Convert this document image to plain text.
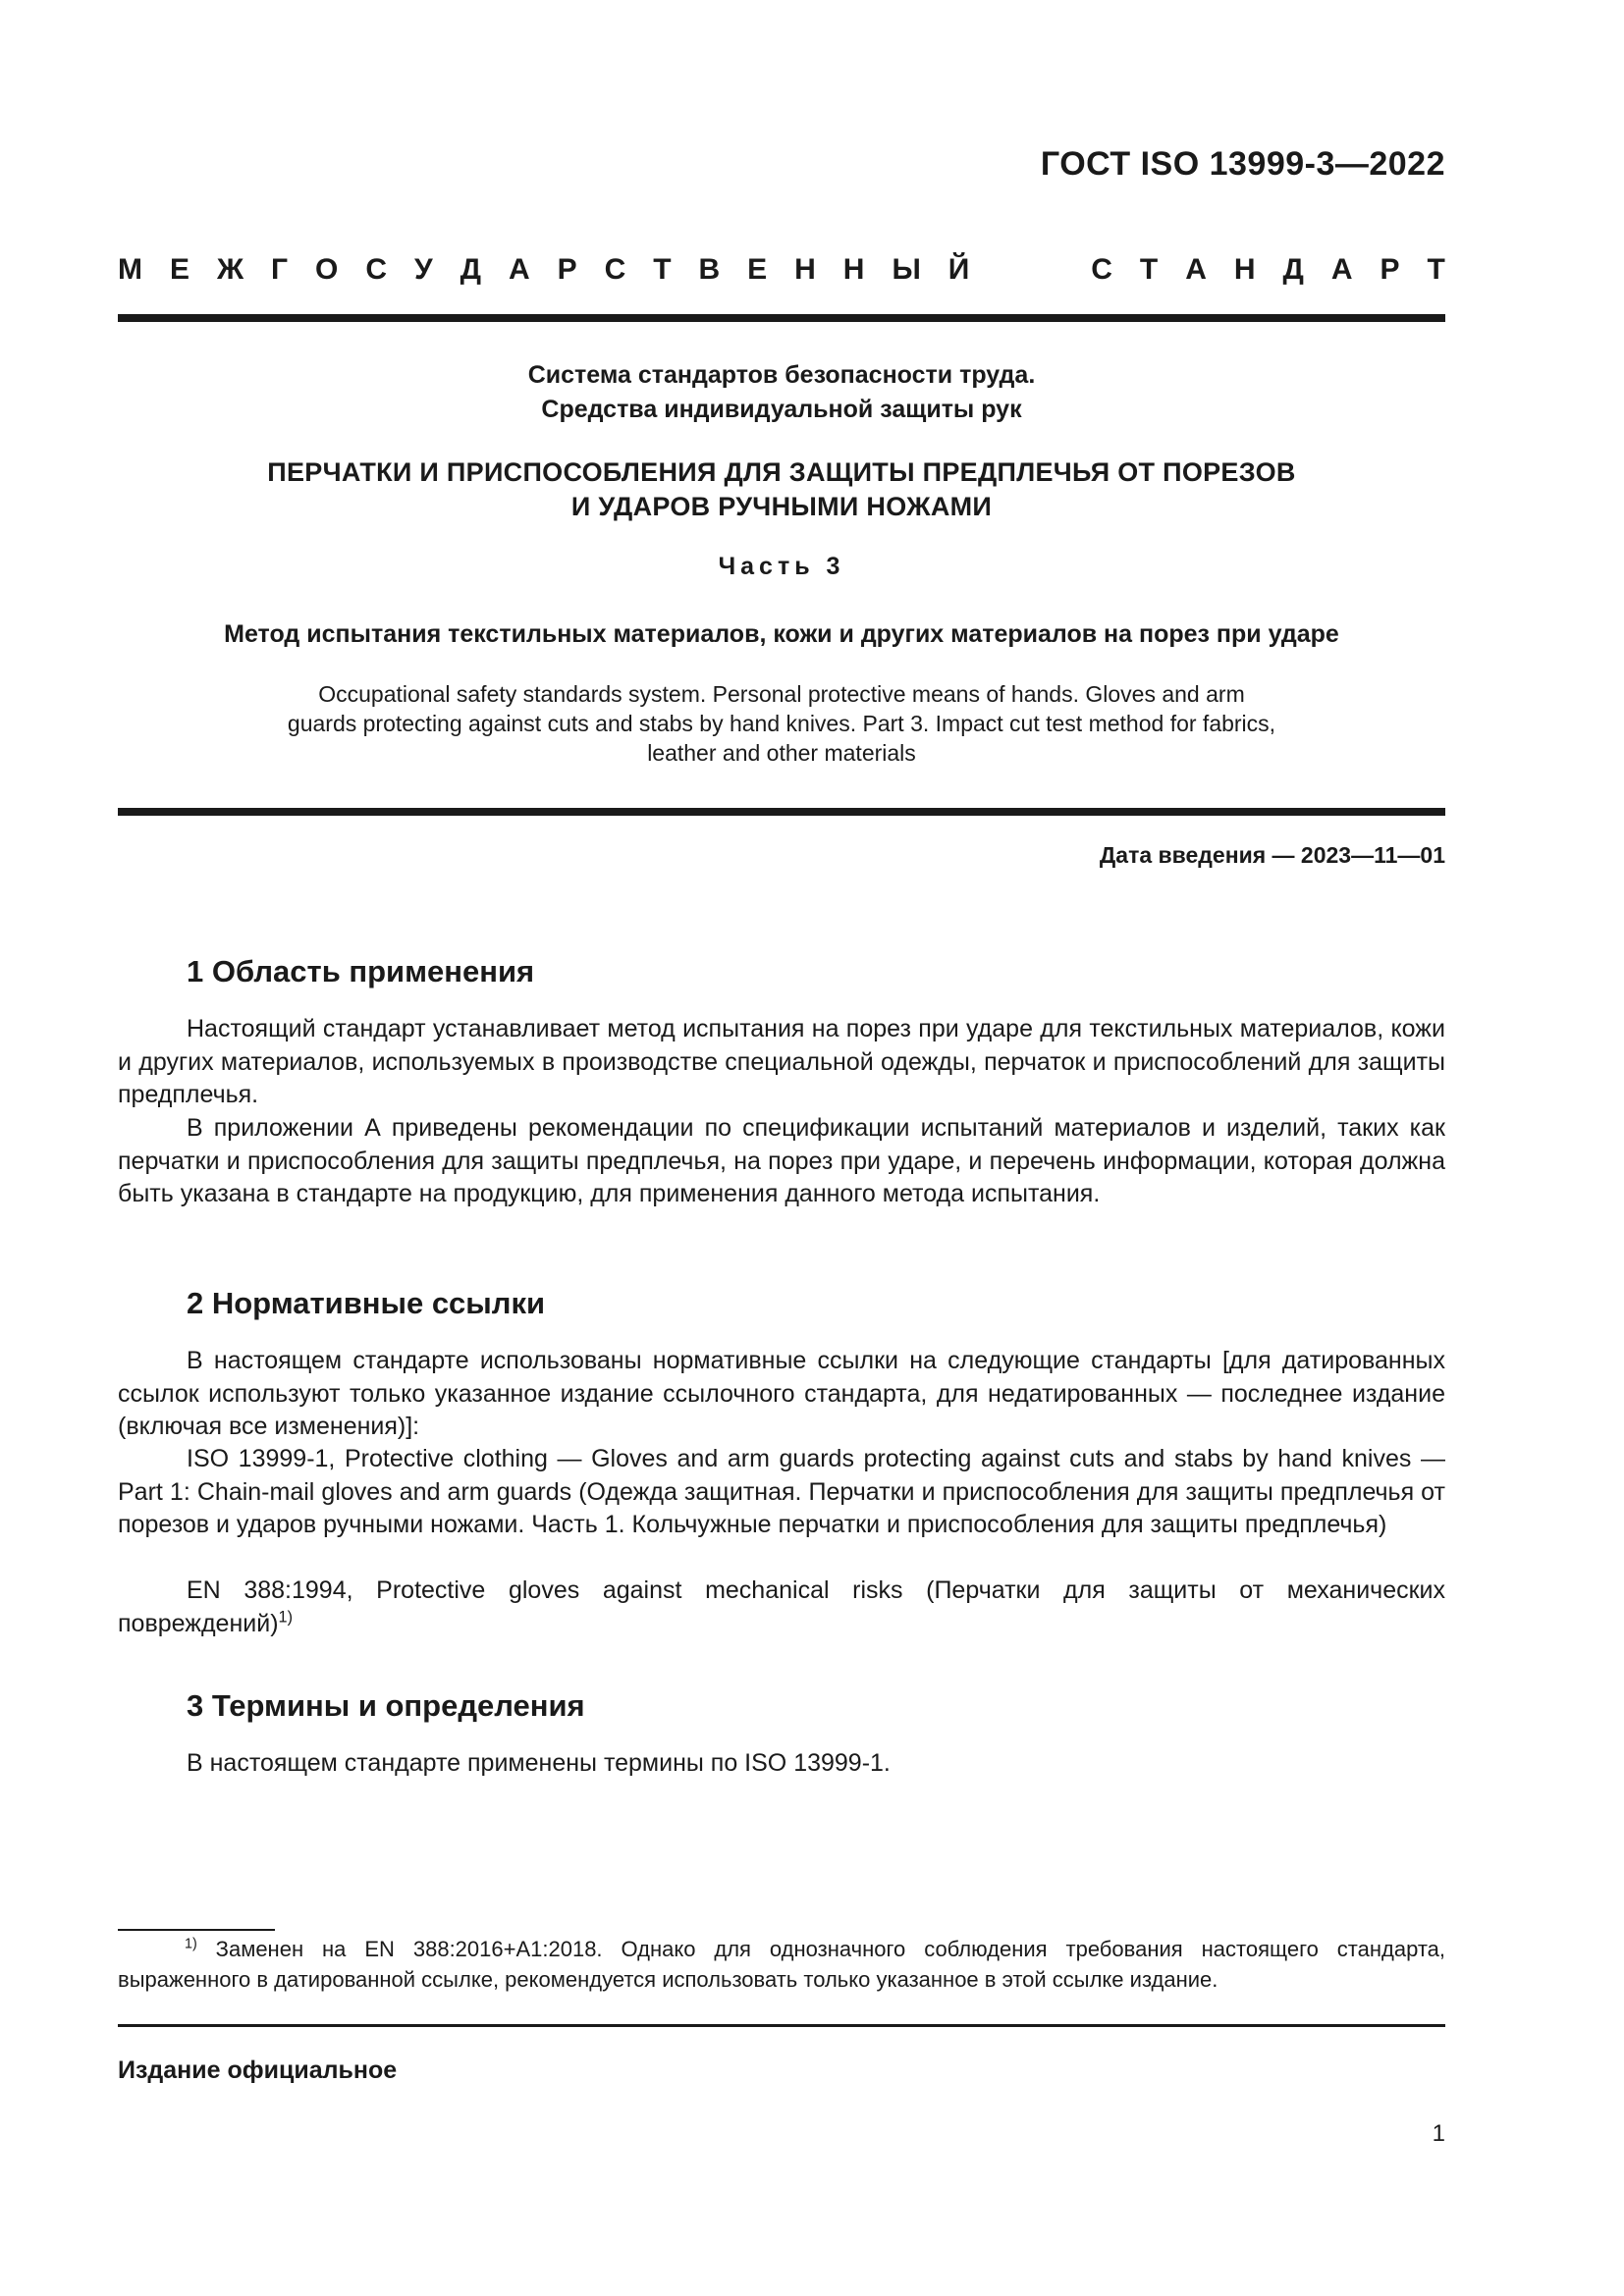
ГОСТ ISO 13999-3—2022
М Е Ж Г О С У Д А Р С Т В Е Н Н Ы Й	С Т А Н Д А Р Т
Система стандартов безопасности труда.
Средства индивидуальной защиты рук
ПЕРЧАТКИ И ПРИСПОСОБЛЕНИЯ ДЛЯ ЗАЩИТЫ ПРЕДПЛЕЧЬЯ ОТ ПОРЕЗОВ
И УДАРОВ РУЧНЫМИ НОЖАМИ
Часть 3
Метод испытания текстильных материалов, кожи и других материалов на порез при ударе
Occupational safety standards system. Personal protective means of hands. Gloves and arm guards protecting against cuts and stabs by hand knives. Part 3. Impact cut test method for fabrics, leather and other materials
Дата введения — 2023—11—01
1 Область применения

Настоящий стандарт устанавливает метод испытания на порез при ударе для текстильных материалов, кожи и других материалов, используемых в производстве специальной одежды, перчаток и приспособлений для защиты предплечья.

В приложении А приведены рекомендации по спецификации испытаний материалов и изделий, таких как перчатки и приспособления для защиты предплечья, на порез при ударе, и перечень информации, которая должна быть указана в стандарте на продукцию, для применения данного метода испытания.

2 Нормативные ссылки

В настоящем стандарте использованы нормативные ссылки на следующие стандарты [для датированных ссылок используют только указанное издание ссылочного стандарта, для недатированных — последнее издание (включая все изменения)]:

ISO 13999-1, Protective clothing — Gloves and arm guards protecting against cuts and stabs by hand knives — Part 1: Chain-mail gloves and arm guards (Одежда защитная. Перчатки и приспособления для защиты предплечья от порезов и ударов ручными ножами. Часть 1. Кольчужные перчатки и приспособления для защиты предплечья)

EN 388:1994, Protective gloves against mechanical risks (Перчатки для защиты от механических повреждений)$^{1)}$

3 Термины и определения

В настоящем стандарте применены термины по ISO 13999-1.

$^{1)}$ Заменен на EN 388:2016+A1:2018. Однако для однозначного соблюдения требования настоящего стандарта, выраженного в датированной ссылке, рекомендуется использовать только указанное в этой ссылке издание.

Издание официальное
1
